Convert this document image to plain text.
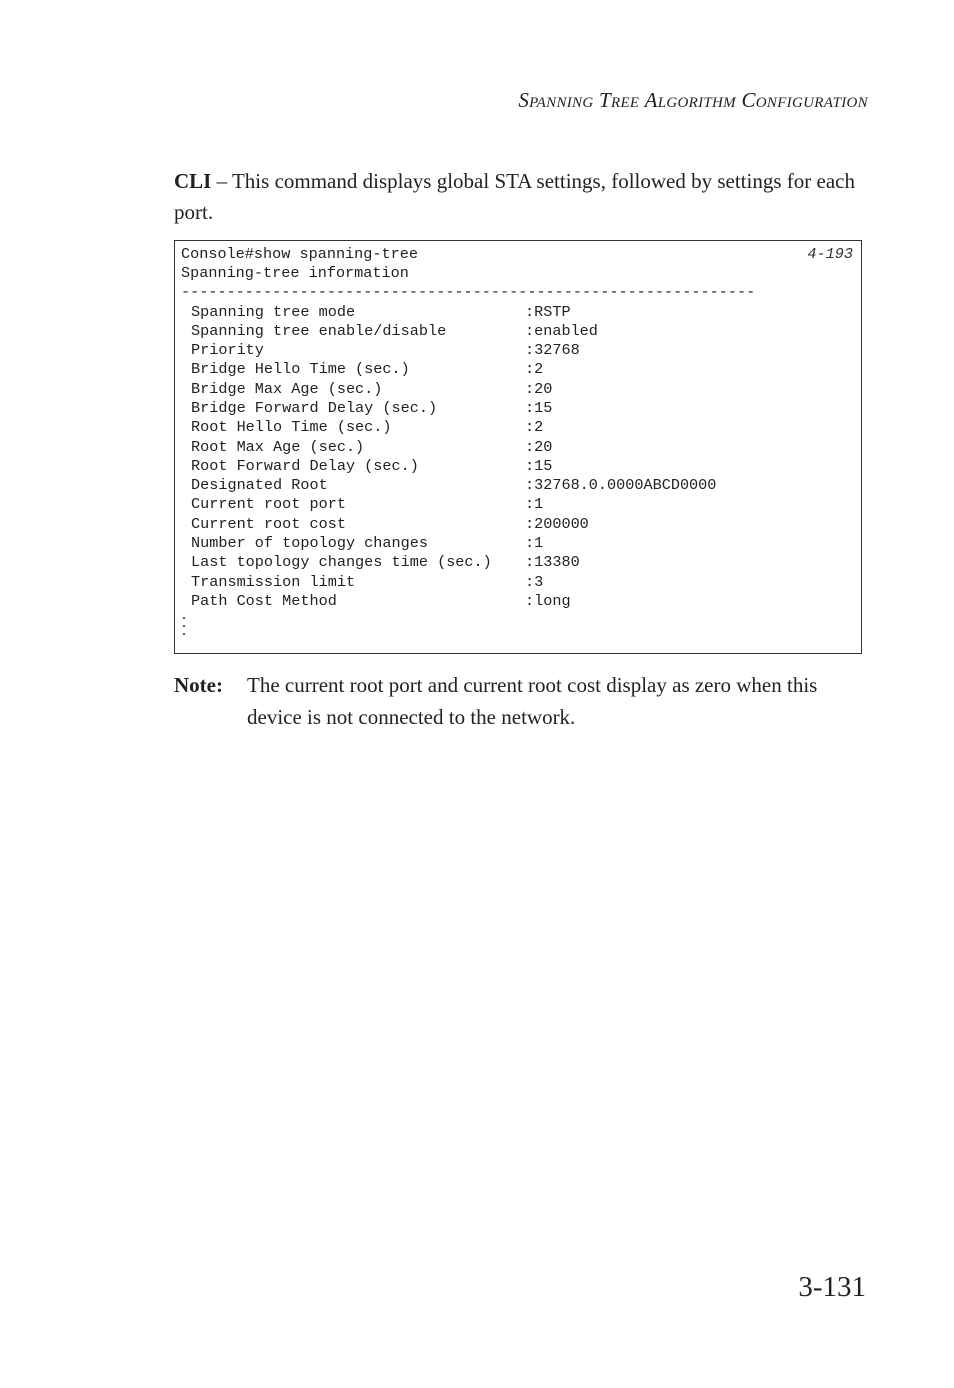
Spanning Tree Algorithm Configuration
CLI – This command displays global STA settings, followed by settings for each port.
Console#show spanning-tree	4-193
Spanning-tree information
---------------------------------------------------------------
Spanning tree mode	:RSTP
Spanning tree enable/disable	:enabled
Priority	:32768
Bridge Hello Time (sec.)	:2
Bridge Max Age (sec.)	:20
Bridge Forward Delay (sec.)	:15
Root Hello Time (sec.)	:2
Root Max Age (sec.)	:20
Root Forward Delay (sec.)	:15
Designated Root	:32768.0.0000ABCD0000
Current root port	:1
Current root cost	:200000
Number of topology changes	:1
Last topology changes time (sec.) :13380
Transmission limit	:3
Path Cost Method	:long
Note: The current root port and current root cost display as zero when this device is not connected to the network.
3-131
